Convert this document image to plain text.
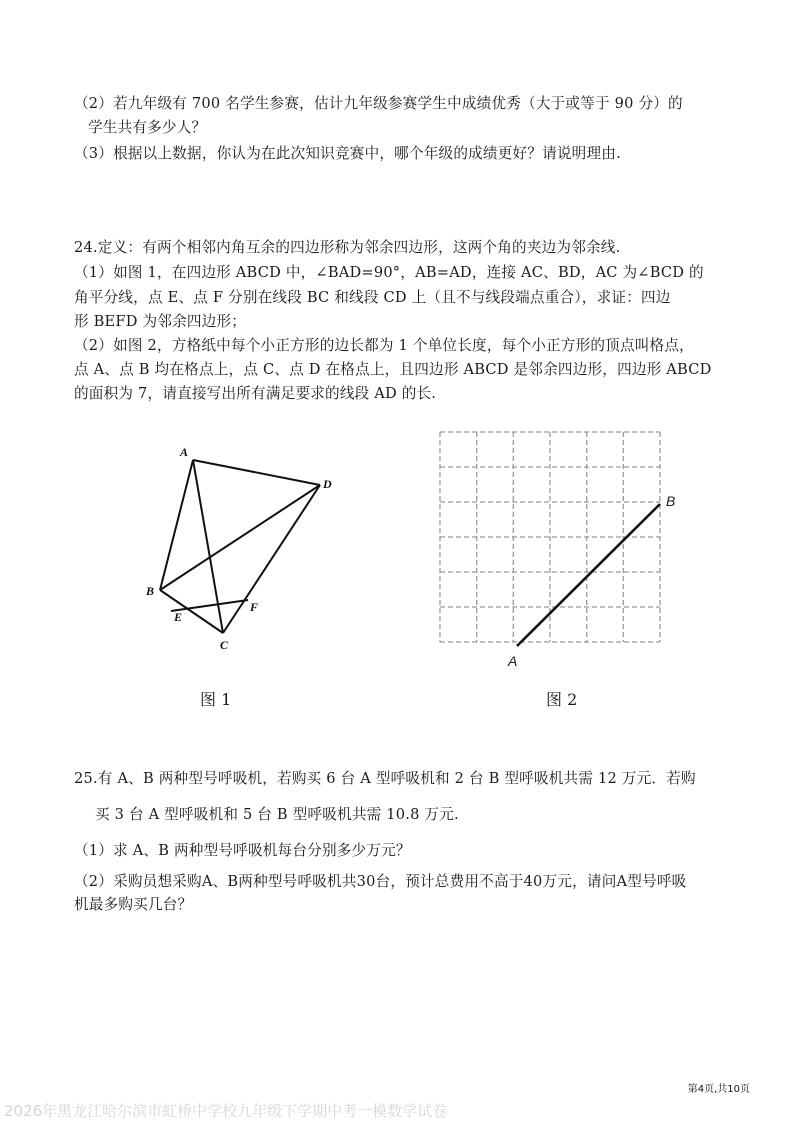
（2）若九年级有 700 名学生参赛，估计九年级参赛学生中成绩优秀（大于或等于 90 分）的
学生共有多少人？
（3）根据以上数据，你认为在此次知识竞赛中，哪个年级的成绩更好？请说明理由.
24.定义：有两个相邻内角互余的四边形称为邻余四边形，这两个角的夹边为邻余线.
（1）如图 1，在四边形 ABCD 中，∠BAD=90°，AB=AD，连接 AC、BD，AC 为∠BCD 的
角平分线，点 E、点 F 分别在线段 BC 和线段 CD 上（且不与线段端点重合），求证：四边
形 BEFD 为邻余四边形；
（2）如图 2，方格纸中每个小正方形的边长都为 1 个单位长度，每个小正方形的顶点叫格点，
点 A、点 B 均在格点上，点 C、点 D 在格点上，且四边形 ABCD 是邻余四边形，四边形 ABCD
的面积为 7，请直接写出所有满足要求的线段 AD 的长.
A
D
B
E
F
C
A
B
图 1	图 2
25.有 A、B 两种型号呼吸机，若购买 6 台 A 型呼吸机和 2 台 B 型呼吸机共需 12 万元．若购
买 3 台 A 型呼吸机和 5 台 B 型呼吸机共需 10.8 万元.
（1）求 A、B 两种型号呼吸机每台分别多少万元？
（2）采购员想采购A、B两种型号呼吸机共30台，预计总费用不高于40万元，请问A型号呼吸
机最多购买几台？
第4页,共10页
2026年黑龙江哈尔滨市虹桥中学校九年级下学期中考一模数学试卷
